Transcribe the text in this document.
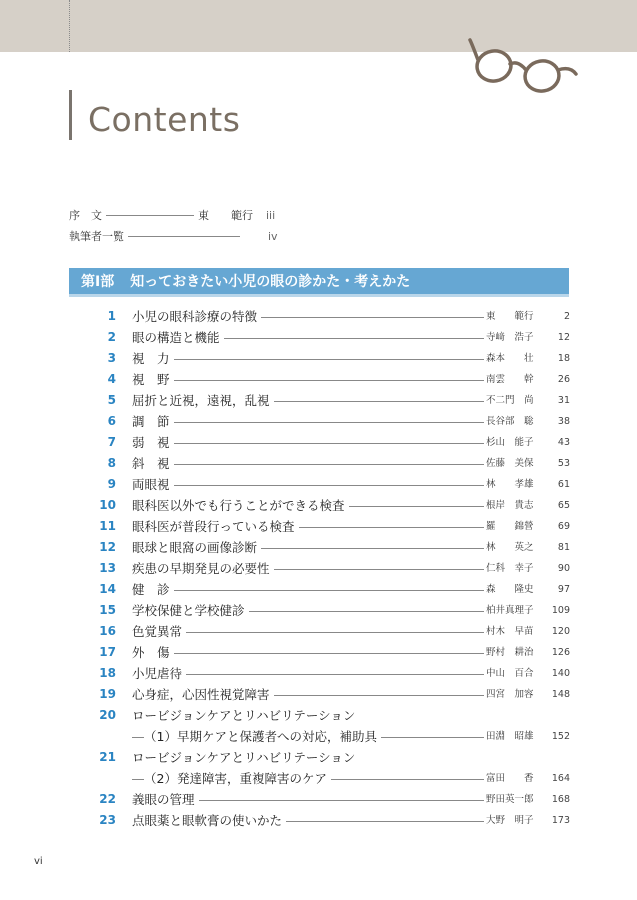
Contents
序　文	東　　範行	iii
執筆者一覧	iv
第Ⅰ部 知っておきたい小児の眼の診かた・考えかた
1 小児の眼科診療の特徴	東　　範行	2
2 眼の構造と機能	寺﨑　浩子	12
3 視　力	森本　　壮	18
4 視　野	南雲　　幹	26
5 屈折と近視，遠視，乱視	不二門　尚	31
6 調　節	長谷部　聡	38
7 弱　視	杉山　能子	43
8 斜　視	佐藤　美保	53
9 両眼視	林　　孝雄	61
10 眼科医以外でも行うことができる検査	根岸　貴志	65
11 眼科医が普段行っている検査	羅　　錦營	69
12 眼球と眼窩の画像診断	林　　英之	81
13 疾患の早期発見の必要性	仁科　幸子	90
14 健　診	森　　隆史	97
15 学校保健と学校健診	柏井真理子	109
16 色覚異常	村木　早苗	120
17 外　傷	野村　耕治	126
18 小児虐待	中山　百合	140
19 心身症，心因性視覚障害	四宮　加容	148
20 ロービジョンケアとリハビリテーション
（1）早期ケアと保護者への対応，補助具	田淵　昭雄	152
21 ロービジョンケアとリハビリテーション
（2）発達障害，重複障害のケア	富田　　香	164
22 義眼の管理	野田英一郎	168
23 点眼薬と眼軟膏の使いかた	大野　明子	173
vi
